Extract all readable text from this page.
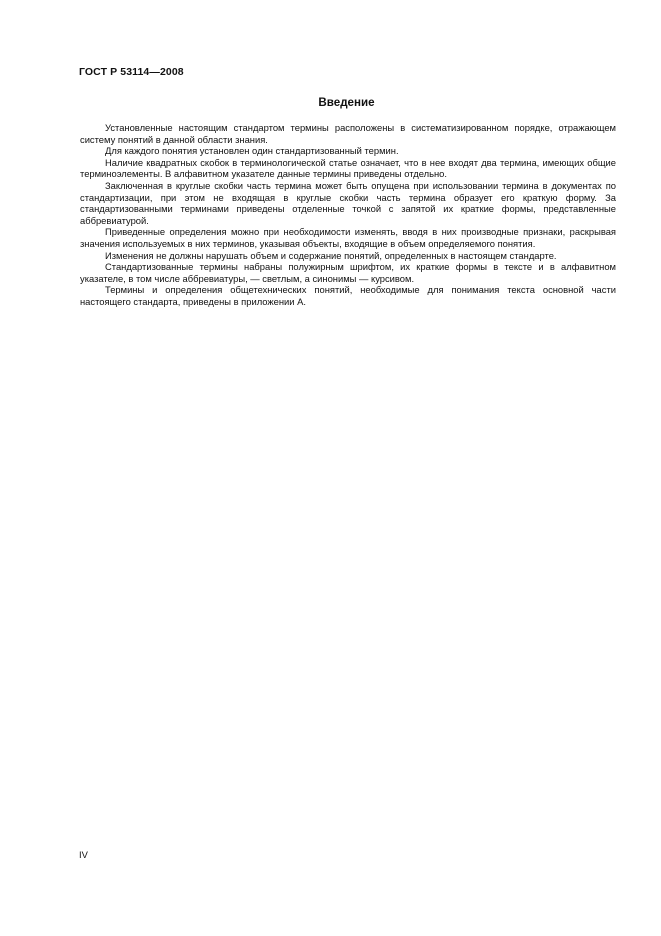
ГОСТ Р 53114—2008
Введение

Установленные настоящим стандартом термины расположены в систематизированном порядке, отражающем систему понятий в данной области знания.

Для каждого понятия установлен один стандартизованный термин.

Наличие квадратных скобок в терминологической статье означает, что в нее входят два термина, имеющих общие терминоэлементы. В алфавитном указателе данные термины приведены отдельно.

Заключенная в круглые скобки часть термина может быть опущена при использовании термина в документах по стандартизации, при этом не входящая в круглые скобки часть термина образует его краткую форму. За стандартизованными терминами приведены отделенные точкой с запятой их краткие формы, представленные аббревиатурой.

Приведенные определения можно при необходимости изменять, вводя в них производные признаки, раскрывая значения используемых в них терминов, указывая объекты, входящие в объем определяемого понятия.

Изменения не должны нарушать объем и содержание понятий, определенных в настоящем стандарте.

Стандартизованные термины набраны полужирным шрифтом, их краткие формы в тексте и в алфавитном указателе, в том числе аббревиатуры, — светлым, а синонимы — курсивом.

Термины и определения общетехнических понятий, необходимые для понимания текста основной части настоящего стандарта, приведены в приложении А.

IV
